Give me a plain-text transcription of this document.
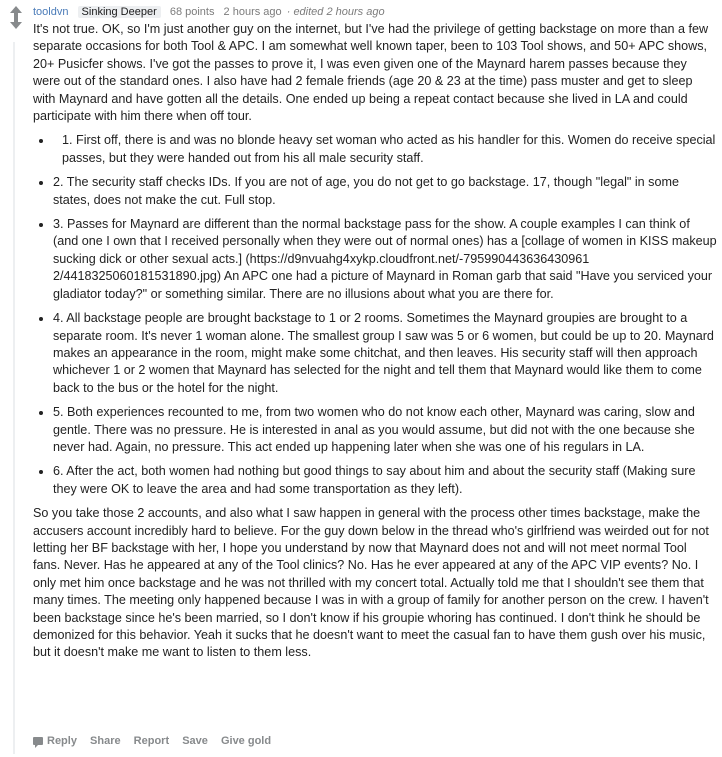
tooldvn Sinking Deeper 68 points 2 hours ago · edited 2 hours ago

It's not true. OK, so I'm just another guy on the internet, but I've had the privilege of getting backstage on more than a few separate occasions for both Tool & APC. I am somewhat well known taper, been to 103 Tool shows, and 50+ APC shows, 20+ Pusicfer shows. I've got the passes to prove it, I was even given one of the Maynard harem passes because they were out of the standard ones. I also have had 2 female friends (age 20 & 23 at the time) pass muster and get to sleep with Maynard and have gotten all the details. One ended up being a repeat contact because she lived in LA and could participate with him there when off tour.

• 1. First off, there is and was no blonde heavy set woman who acted as his handler for this. Women do receive special passes, but they were handed out from his all male security staff.
• 2. The security staff checks IDs. If you are not of age, you do not get to go backstage. 17, though "legal" in some states, does not make the cut. Full stop.
• 3. Passes for Maynard are different than the normal backstage pass for the show. A couple examples I can think of (and one I own that I received personally when they were out of normal ones) has a [collage of women in KISS makeup sucking dick or other sexual acts.] (https://d9nvuahg4xykp.cloudfront.net/-795990443636430961 2/4418325060181531890.jpg) An APC one had a picture of Maynard in Roman garb that said "Have you serviced your gladiator today?" or something similar. There are no illusions about what you are there for.
• 4. All backstage people are brought backstage to 1 or 2 rooms. Sometimes the Maynard groupies are brought to a separate room. It's never 1 woman alone. The smallest group I saw was 5 or 6 women, but could be up to 20. Maynard makes an appearance in the room, might make some chitchat, and then leaves. His security staff will then approach whichever 1 or 2 women that Maynard has selected for the night and tell them that Maynard would like them to come back to the bus or the hotel for the night.
• 5. Both experiences recounted to me, from two women who do not know each other, Maynard was caring, slow and gentle. There was no pressure. He is interested in anal as you would assume, but did not with the one because she never had. Again, no pressure. This act ended up happening later when she was one of his regulars in LA.
• 6. After the act, both women had nothing but good things to say about him and about the security staff (Making sure they were OK to leave the area and had some transportation as they left).

So you take those 2 accounts, and also what I saw happen in general with the process other times backstage, make the accusers account incredibly hard to believe. For the guy down below in the thread who's girlfriend was weirded out for not letting her BF backstage with her, I hope you understand by now that Maynard does not and will not meet normal Tool fans. Never. Has he appeared at any of the Tool clinics? No. Has he ever appeared at any of the APC VIP events? No. I only met him once backstage and he was not thrilled with my concert total. Actually told me that I shouldn't see them that many times. The meeting only happened because I was in with a group of family for another person on the crew. I haven't been backstage since he's been married, so I don't know if his groupie whoring has continued. I don't think he should be demonized for this behavior. Yeah it sucks that he doesn't want to meet the casual fan to have them gush over his music, but it doesn't make me want to listen to them less.

Reply Share Report Save Give gold
